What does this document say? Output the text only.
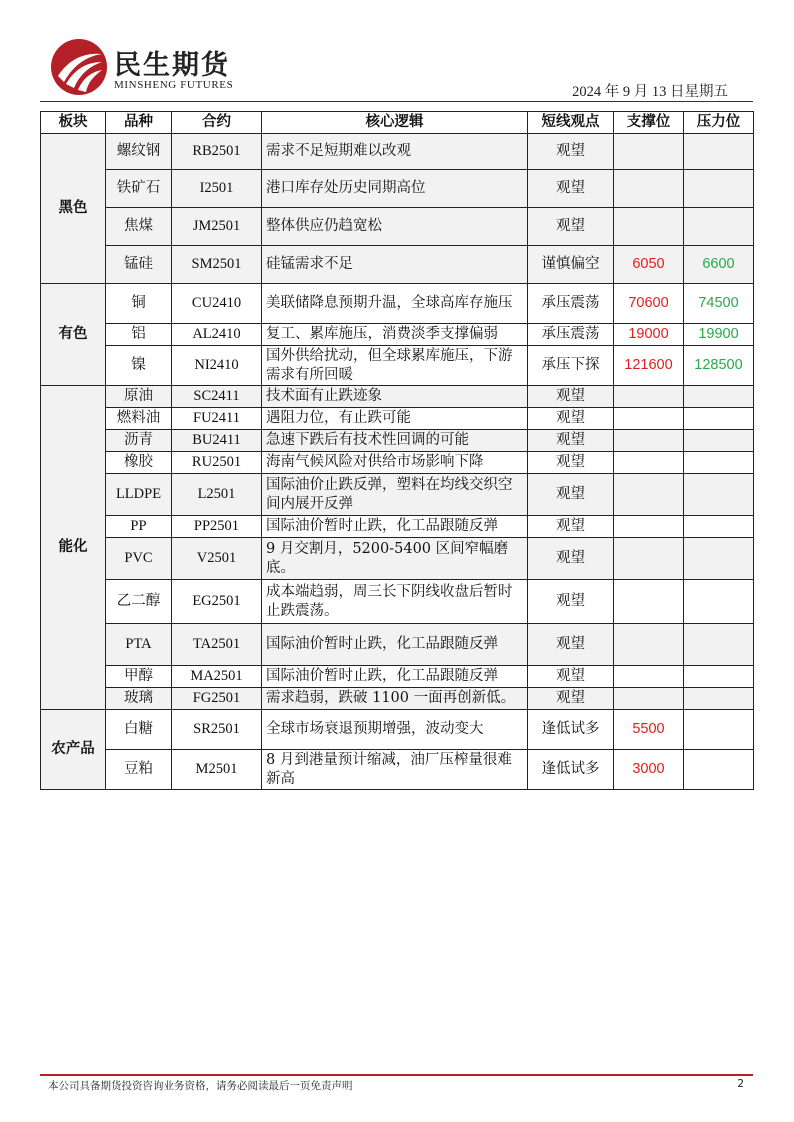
民生期货
MINSHENG FUTURES	2024 年 9 月 13 日星期五
板块	品种	合约	核心逻辑	短线观点	支撑位	压力位
黑色	螺纹钢	RB2501	需求不足短期难以改观	观望		
	铁矿石	I2501	港口库存处历史同期高位	观望		
	焦煤	JM2501	整体供应仍趋宽松	观望		
	锰硅	SM2501	硅锰需求不足	谨慎偏空	6050	6600
有色	铜	CU2410	美联储降息预期升温，全球高库存施压	承压震荡	70600	74500
	铝	AL2410	复工、累库施压，消费淡季支撑偏弱	承压震荡	19000	19900
	镍	NI2410	国外供给扰动，但全球累库施压，下游需求有所回暖	承压下探	121600	128500
能化	原油	SC2411	技术面有止跌迹象	观望		
	燃料油	FU2411	遇阻力位，有止跌可能	观望		
	沥青	BU2411	急速下跌后有技术性回调的可能	观望		
	橡胶	RU2501	海南气候风险对供给市场影响下降	观望		
	LLDPE	L2501	国际油价止跌反弹，塑料在均线交织空间内展开反弹	观望		
	PP	PP2501	国际油价暂时止跌，化工品跟随反弹	观望		
	PVC	V2501	9 月交割月，5200-5400 区间窄幅磨底。	观望		
	乙二醇	EG2501	成本端趋弱，周三长下阴线收盘后暂时止跌震荡。	观望		
	PTA	TA2501	国际油价暂时止跌，化工品跟随反弹	观望		
	甲醇	MA2501	国际油价暂时止跌，化工品跟随反弹	观望		
	玻璃	FG2501	需求趋弱，跌破 1100 一面再创新低。	观望		
农产品	白糖	SR2501	全球市场衰退预期增强，波动变大	逢低试多	5500	
	豆粕	M2501	8 月到港量预计缩减，油厂压榨量很难新高	逢低试多	3000	
本公司具备期货投资咨询业务资格，请务必阅读最后一页免责声明	2
